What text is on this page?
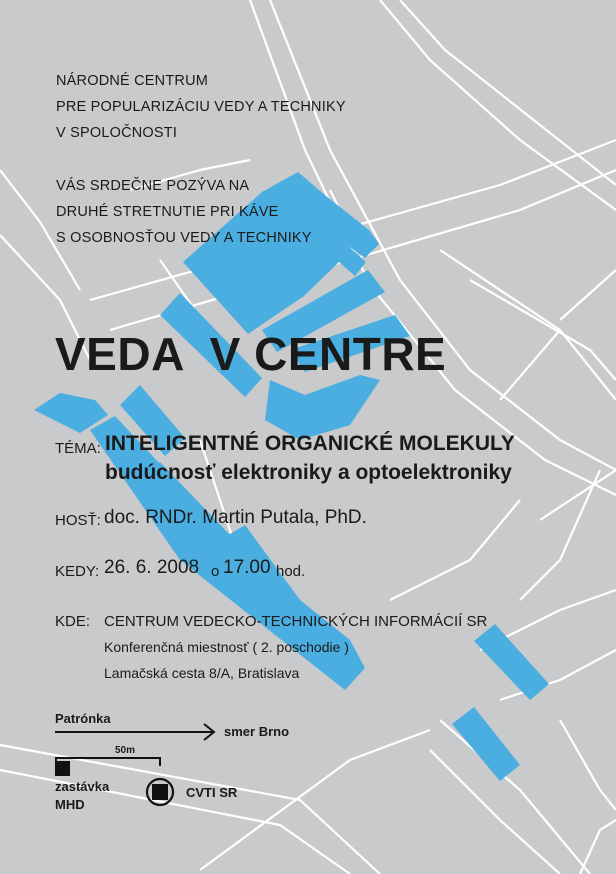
NÁRODNÉ CENTRUM
PRE POPULARIZÁCIU VEDY A TECHNIKY
V SPOLOČNOSTI
VÁS SRDEČNE POZÝVA NA
DRUHÉ STRETNUTIE PRI KÁVE
S OSOBNOSŤOU VEDY A TECHNIKY
VEDA  V CENTRE
TÉMA: INTELIGENTNÉ ORGANICKÉ MOLEKULY
budúcnosť elektroniky a optoelektroniky
HOSŤ: doc. RNDr. Martin Putala, PhD.
KEDY: 26. 6. 2008 o 17.00 hod.
KDE: CENTRUM VEDECKO-TECHNICKÝCH INFORMÁCIÍ SR
Konferenčná miestnosť ( 2. poschodie )
Lamačská cesta 8/A, Bratislava
Patrónka
smer Brno
50m
zastávka
MHD
CVTI SR
